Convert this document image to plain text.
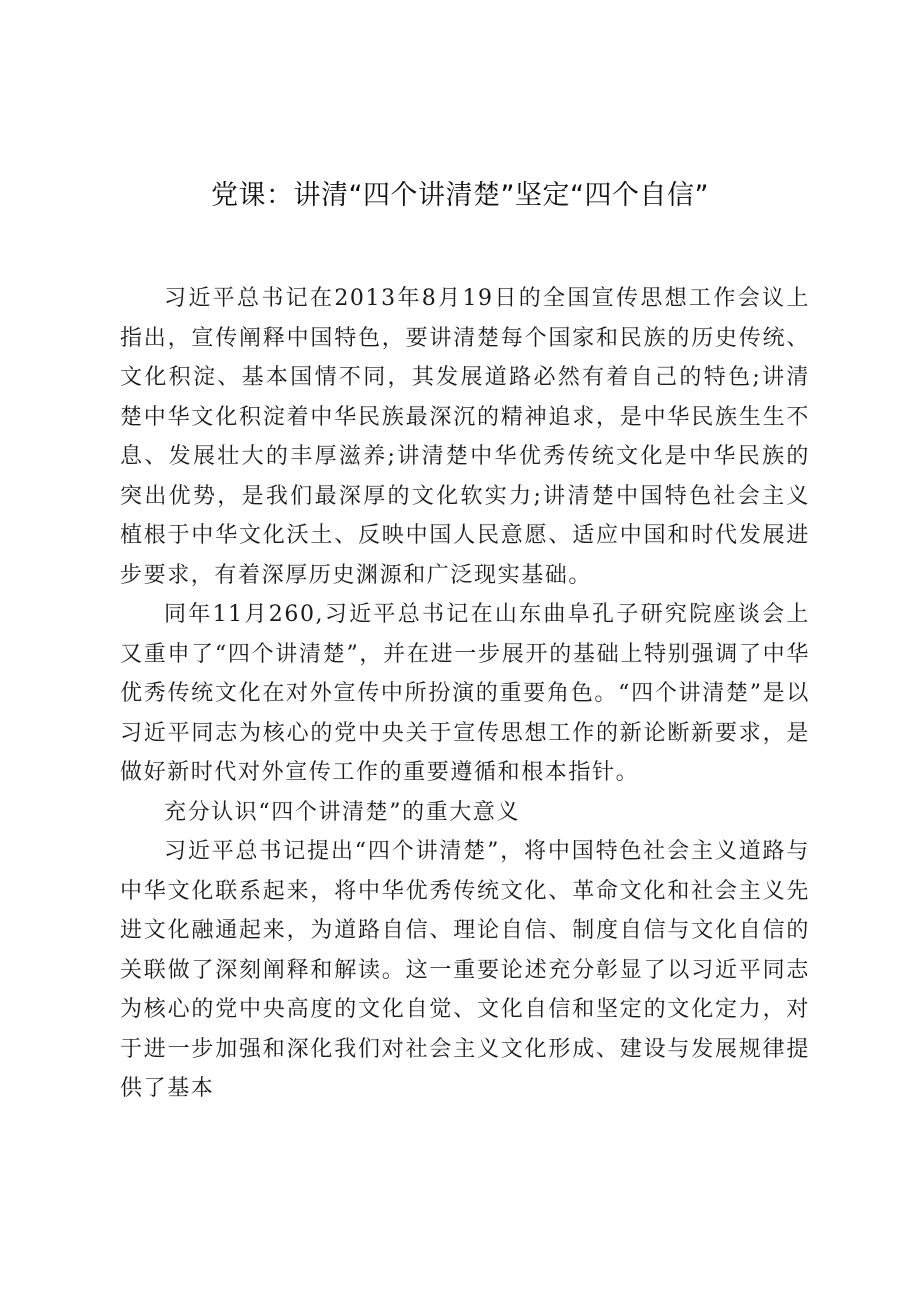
党课：讲清“四个讲清楚”坚定“四个自信”

习近平总书记在2013年8月19日的全国宣传思想工作会议上指出，宣传阐释中国特色，要讲清楚每个国家和民族的历史传统、文化积淀、基本国情不同，其发展道路必然有着自己的特色;讲清楚中华文化积淀着中华民族最深沉的精神追求，是中华民族生生不息、发展壮大的丰厚滋养;讲清楚中华优秀传统文化是中华民族的突出优势，是我们最深厚的文化软实力;讲清楚中国特色社会主义植根于中华文化沃土、反映中国人民意愿、适应中国和时代发展进步要求，有着深厚历史渊源和广泛现实基础。

同年11月260,习近平总书记在山东曲阜孔子研究院座谈会上又重申了“四个讲清楚”，并在进一步展开的基础上特别强调了中华优秀传统文化在对外宣传中所扮演的重要角色。“四个讲清楚”是以习近平同志为核心的党中央关于宣传思想工作的新论断新要求，是做好新时代对外宣传工作的重要遵循和根本指针。

充分认识“四个讲清楚”的重大意义

习近平总书记提出“四个讲清楚”，将中国特色社会主义道路与中华文化联系起来，将中华优秀传统文化、革命文化和社会主义先进文化融通起来，为道路自信、理论自信、制度自信与文化自信的关联做了深刻阐释和解读。这一重要论述充分彰显了以习近平同志为核心的党中央高度的文化自觉、文化自信和坚定的文化定力，对于进一步加强和深化我们对社会主义文化形成、建设与发展规律提供了基本
